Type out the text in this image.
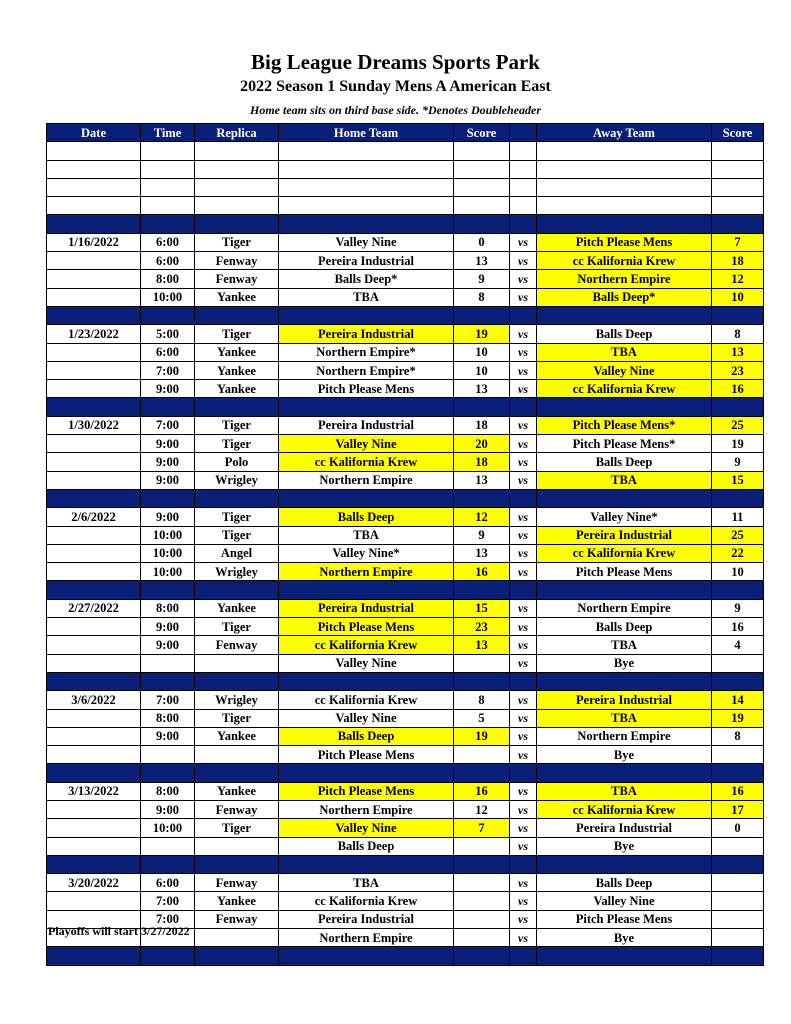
Big League Dreams Sports Park
2022 Season 1 Sunday Mens A American East
Home team sits on third base side. *Denotes Doubleheader
Date	Time	Replica	Home Team	Score		Away Team	Score

1/16/2022	6:00	Tiger	Valley Nine	0	vs	Pitch Please Mens	7
	6:00	Fenway	Pereira Industrial	13	vs	cc Kalifornia Krew	18
	8:00	Fenway	Balls Deep*	9	vs	Northern Empire	12
	10:00	Yankee	TBA	8	vs	Balls Deep*	10

1/23/2022	5:00	Tiger	Pereira Industrial	19	vs	Balls Deep	8
	6:00	Yankee	Northern Empire*	10	vs	TBA	13
	7:00	Yankee	Northern Empire*	10	vs	Valley Nine	23
	9:00	Yankee	Pitch Please Mens	13	vs	cc Kalifornia Krew	16

1/30/2022	7:00	Tiger	Pereira Industrial	18	vs	Pitch Please Mens*	25
	9:00	Tiger	Valley Nine	20	vs	Pitch Please Mens*	19
	9:00	Polo	cc Kalifornia Krew	18	vs	Balls Deep	9
	9:00	Wrigley	Northern Empire	13	vs	TBA	15

2/6/2022	9:00	Tiger	Balls Deep	12	vs	Valley Nine*	11
	10:00	Tiger	TBA	9	vs	Pereira Industrial	25
	10:00	Angel	Valley Nine*	13	vs	cc Kalifornia Krew	22
	10:00	Wrigley	Northern Empire	16	vs	Pitch Please Mens	10

2/27/2022	8:00	Yankee	Pereira Industrial	15	vs	Northern Empire	9
	9:00	Tiger	Pitch Please Mens	23	vs	Balls Deep	16
	9:00	Fenway	cc Kalifornia Krew	13	vs	TBA	4
			Valley Nine		vs	Bye	

3/6/2022	7:00	Wrigley	cc Kalifornia Krew	8	vs	Pereira Industrial	14
	8:00	Tiger	Valley Nine	5	vs	TBA	19
	9:00	Yankee	Balls Deep	19	vs	Northern Empire	8
			Pitch Please Mens		vs	Bye	

3/13/2022	8:00	Yankee	Pitch Please Mens	16	vs	TBA	16
	9:00	Fenway	Northern Empire	12	vs	cc Kalifornia Krew	17
	10:00	Tiger	Valley Nine	7	vs	Pereira Industrial	0
			Balls Deep		vs	Bye	

3/20/2022	6:00	Fenway	TBA		vs	Balls Deep	
	7:00	Yankee	cc Kalifornia Krew		vs	Valley Nine	
	7:00	Fenway	Pereira Industrial		vs	Pitch Please Mens	
			Northern Empire		vs	Bye	

Playoffs will start 3/27/2022
